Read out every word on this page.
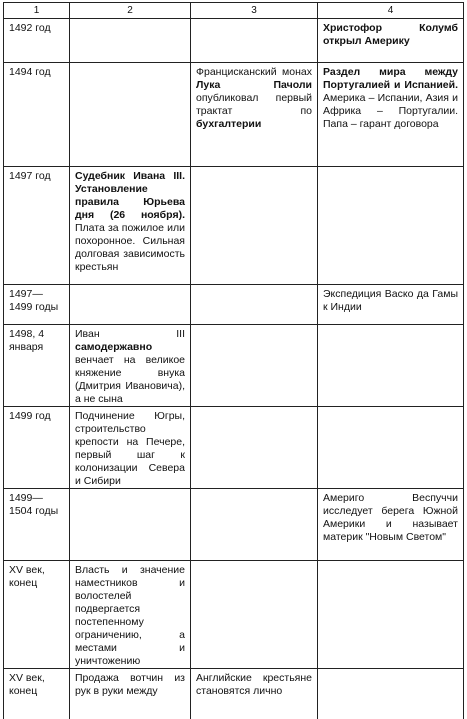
1	2	3	4
1492 год			Христофор Колумб открыл Америку
1494 год		Францисканский монах Лука Пачоли опубликовал первый трактат по бухгалтерии	Раздел мира между Португалией и Испанией. Америка – Испании, Азия и Африка – Португалии. Папа – гарант договора
1497 год	Судебник Ивана III. Установление правила Юрьева дня (26 ноября). Плата за пожилое или похоронное. Сильная долговая зависимость крестьян		
1497—1499 годы			Экспедиция Васко да Гамы к Индии
1498, 4 января	Иван III самодержавно венчает на великое княжение внука (Дмитрия Ивановича), а не сына		
1499 год	Подчинение Югры, строительство крепости на Печере, первый шаг к колонизации Севера и Сибири		
1499—1504 годы			Америго Веспуччи исследует берега Южной Америки и называет материк "Новым Светом"
XV век, конец	Власть и значение наместников и волостелей подвергается постепенному ограничению, а местами и уничтожению		
XV век, конец	Продажа вотчин из рук в руки между	Английские крестьяне становятся лично	
